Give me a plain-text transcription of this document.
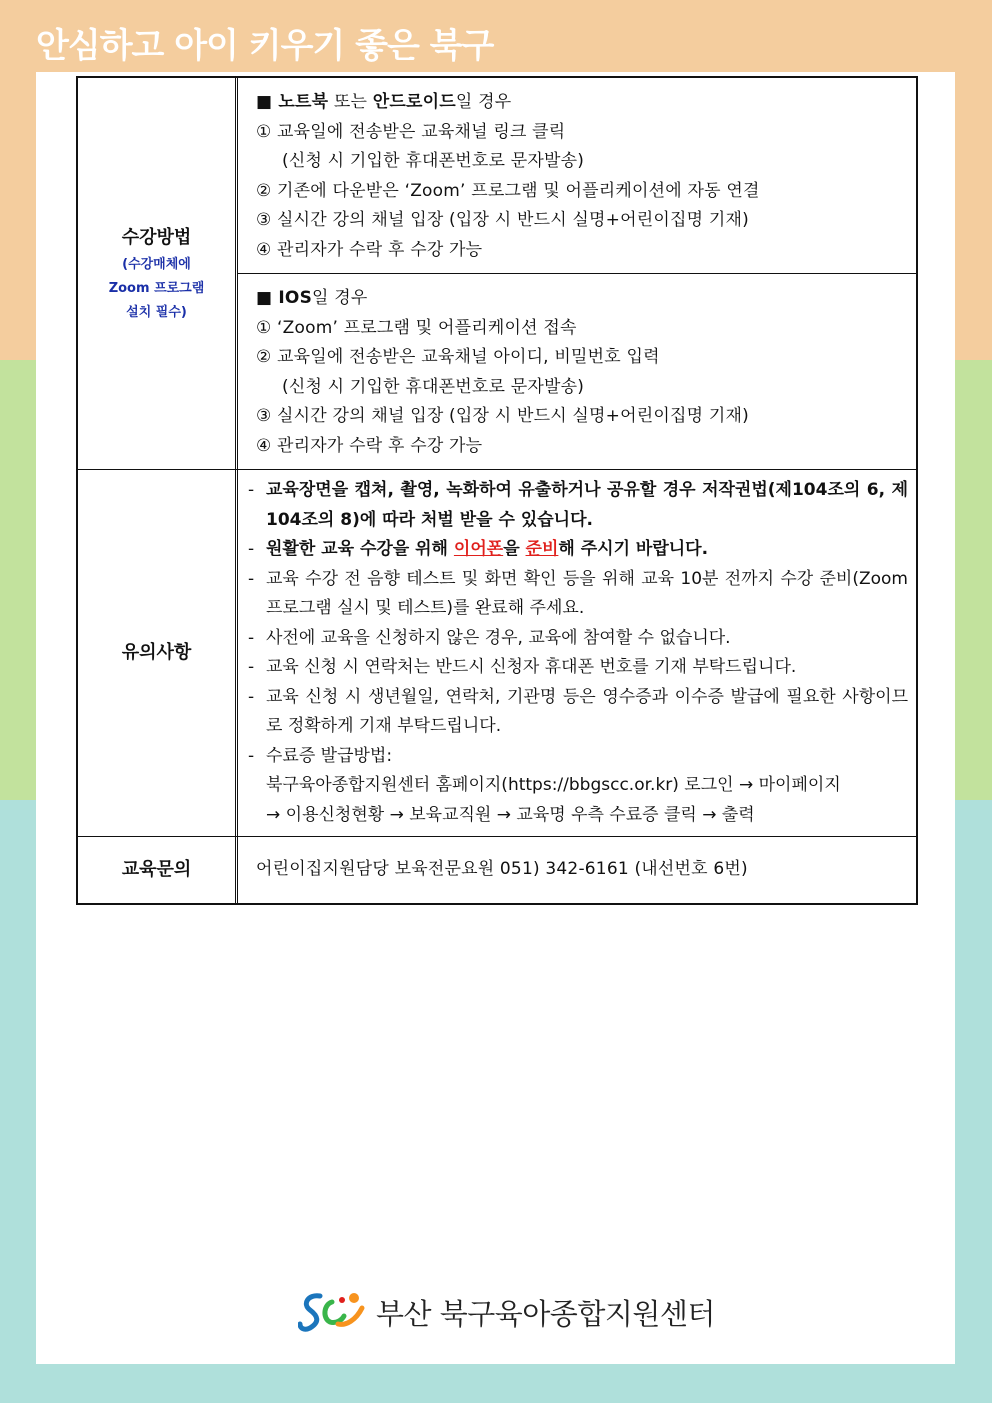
안심하고 아이 키우기 좋은 북구
수강방법
(수강매체에
Zoom 프로그램
설치 필수)
■ 노트북 또는 안드로이드일 경우
① 교육일에 전송받은 교육채널 링크 클릭
(신청 시 기입한 휴대폰번호로 문자발송)
② 기존에 다운받은 ‘Zoom’ 프로그램 및 어플리케이션에 자동 연결
③ 실시간 강의 채널 입장 (입장 시 반드시 실명+어린이집명 기재)
④ 관리자가 수락 후 수강 가능
■ IOS일 경우
① ‘Zoom’ 프로그램 및 어플리케이션 접속
② 교육일에 전송받은 교육채널 아이디, 비밀번호 입력
(신청 시 기입한 휴대폰번호로 문자발송)
③ 실시간 강의 채널 입장 (입장 시 반드시 실명+어린이집명 기재)
④ 관리자가 수락 후 수강 가능
유의사항
- 교육장면을 캡쳐, 촬영, 녹화하여 유출하거나 공유할 경우 저작권법(제104조의 6, 제104조의 8)에 따라 처벌 받을 수 있습니다.
- 원활한 교육 수강을 위해 이어폰을 준비해 주시기 바랍니다.
- 교육 수강 전 음향 테스트 및 화면 확인 등을 위해 교육 10분 전까지 수강 준비(Zoom 프로그램 실시 및 테스트)를 완료해 주세요.
- 사전에 교육을 신청하지 않은 경우, 교육에 참여할 수 없습니다.
- 교육 신청 시 연락처는 반드시 신청자 휴대폰 번호를 기재 부탁드립니다.
- 교육 신청 시 생년월일, 연락처, 기관명 등은 영수증과 이수증 발급에 필요한 사항이므로 정확하게 기재 부탁드립니다.
- 수료증 발급방법:
북구육아종합지원센터 홈페이지(https://bbgscc.or.kr) 로그인 → 마이페이지
→ 이용신청현황 → 보육교직원 → 교육명 우측 수료증 클릭 → 출력
교육문의	어린이집지원담당 보육전문요원 051) 342-6161 (내선번호 6번)
부산 북구육아종합지원센터
